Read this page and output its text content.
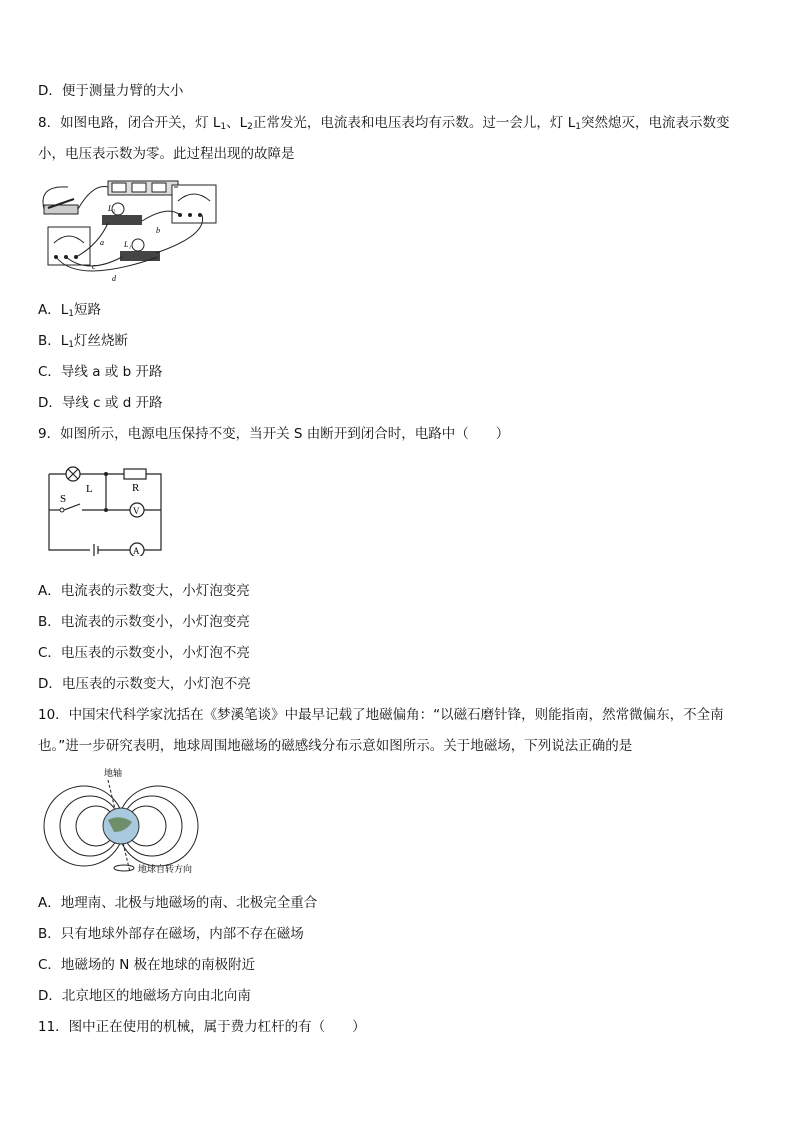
D．便于测量力臂的大小
8．如图电路，闭合开关，灯 $L_1$、$L_2$正常发光，电流表和电压表均有示数。过一会儿，灯 $L_1$突然熄灭，电流表示数变
小，电压表示数为零。此过程出现的故障是
L₂
L₁
a
b
c
d
A．$L_1$短路
B．$L_1$灯丝烧断
C．导线 a 或 b 开路
D．导线 c 或 d 开路
9．如图所示，电源电压保持不变，当开关 S 由断开到闭合时，电路中（　　）
L	R
S
V
A
A．电流表的示数变大，小灯泡变亮
B．电流表的示数变小，小灯泡变亮
C．电压表的示数变小，小灯泡不亮
D．电压表的示数变大，小灯泡不亮
10．中国宋代科学家沈括在《梦溪笔谈》中最早记载了地磁偏角：“以磁石磨针锋，则能指南，然常微偏东，不全南
也。”进一步研究表明，地球周围地磁场的磁感线分布示意如图所示。关于地磁场，下列说法正确的是
地轴
地球自转方向
A．地理南、北极与地磁场的南、北极完全重合
B．只有地球外部存在磁场，内部不存在磁场
C．地磁场的 N 极在地球的南极附近
D．北京地区的地磁场方向由北向南
11．图中正在使用的机械，属于费力杠杆的有（　　）
